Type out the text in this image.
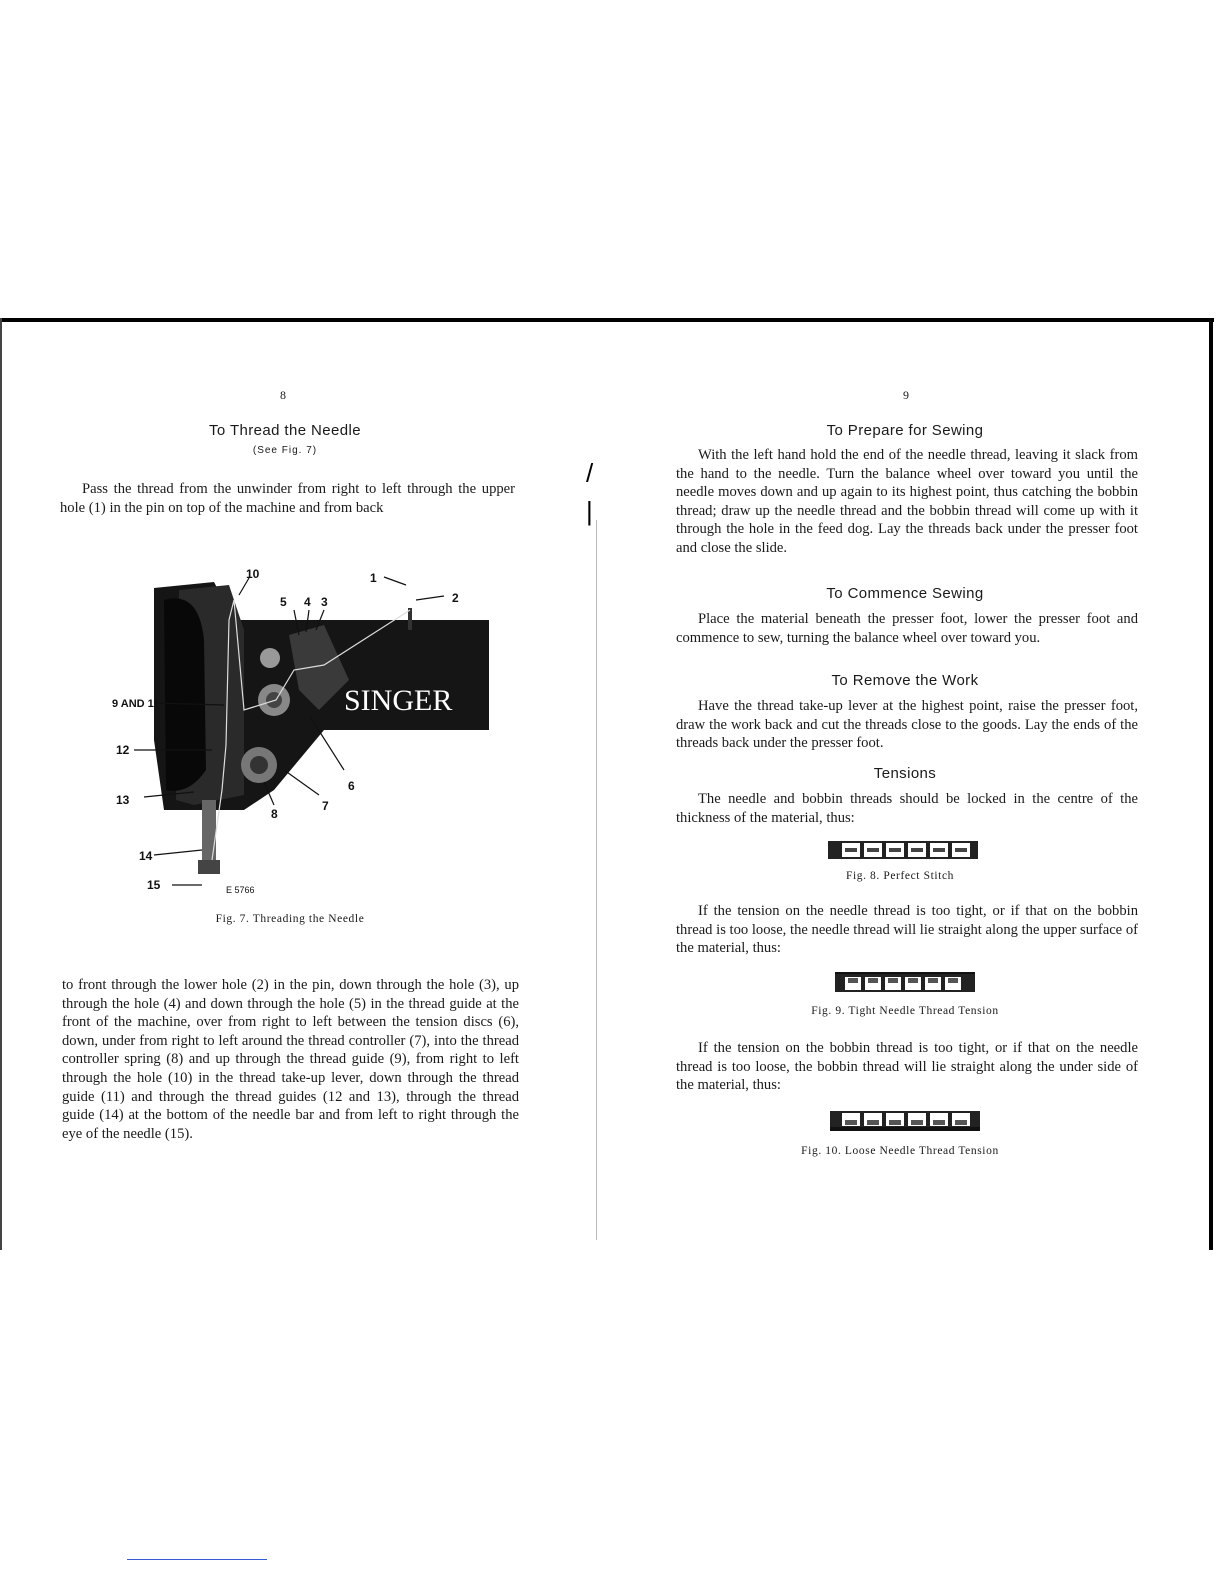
/
|
8
To Thread the Needle
(See Fig. 7)

Pass the thread from the unwinder from right to left through the upper hole (1) in the pin on top of the machine and from back

SINGER
1
2
3
4
5
6
7
8
9 AND 11
10
12
13
14
15	E 5766
Fig. 7. Threading the Needle

to front through the lower hole (2) in the pin, down through the hole (3), up through the hole (4) and down through the hole (5) in the thread guide at the front of the machine, over from right to left between the tension discs (6), down, under from right to left around the thread controller (7), into the thread controller spring (8) and up through the thread guide (9), from right to left through the hole (10) in the thread take-up lever, down through the thread guide (11) and through the thread guides (12 and 13), through the thread guide (14) at the bottom of the needle bar and from left to right through the eye of the needle (15).

9
To Prepare for Sewing

With the left hand hold the end of the needle thread, leaving it slack from the hand to the needle. Turn the balance wheel over toward you until the needle moves down and up again to its highest point, thus catching the bobbin thread; draw up the needle thread and the bobbin thread will come up with it through the hole in the feed dog. Lay the threads back under the presser foot and close the slide.

To Commence Sewing

Place the material beneath the presser foot, lower the presser foot and commence to sew, turning the balance wheel over toward you.

To Remove the Work

Have the thread take-up lever at the highest point, raise the presser foot, draw the work back and cut the threads close to the goods. Lay the ends of the threads back under the presser foot.

Tensions

The needle and bobbin threads should be locked in the centre of the thickness of the material, thus:

Fig. 8. Perfect Stitch

If the tension on the needle thread is too tight, or if that on the bobbin thread is too loose, the needle thread will lie straight along the upper surface of the material, thus:

Fig. 9. Tight Needle Thread Tension

If the tension on the bobbin thread is too tight, or if that on the needle thread is too loose, the bobbin thread will lie straight along the under side of the material, thus:

Fig. 10. Loose Needle Thread Tension
